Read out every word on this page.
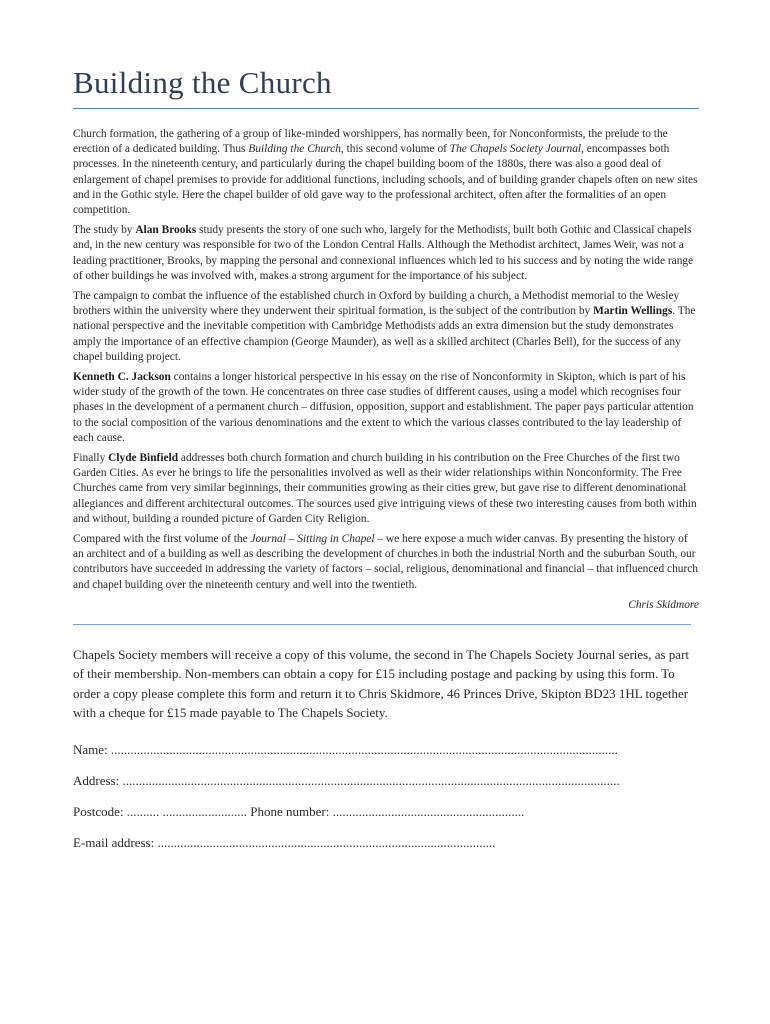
Building the Church

Church formation, the gathering of a group of like-minded worshippers, has normally been, for Nonconformists, the prelude to the erection of a dedicated building. Thus Building the Church, this second volume of The Chapels Society Journal, encompasses both processes. In the nineteenth century, and particularly during the chapel building boom of the 1880s, there was also a good deal of enlargement of chapel premises to provide for additional functions, including schools, and of building grander chapels often on new sites and in the Gothic style. Here the chapel builder of old gave way to the professional architect, often after the formalities of an open competition.

The study by Alan Brooks study presents the story of one such who, largely for the Methodists, built both Gothic and Classical chapels and, in the new century was responsible for two of the London Central Halls. Although the Methodist architect, James Weir, was not a leading practitioner, Brooks, by mapping the personal and connexional influences which led to his success and by noting the wide range of other buildings he was involved with, makes a strong argument for the importance of his subject.

The campaign to combat the influence of the established church in Oxford by building a church, a Methodist memorial to the Wesley brothers within the university where they underwent their spiritual formation, is the subject of the contribution by Martin Wellings. The national perspective and the inevitable competition with Cambridge Methodists adds an extra dimension but the study demonstrates amply the importance of an effective champion (George Maunder), as well as a skilled architect (Charles Bell), for the success of any chapel building project.

Kenneth C. Jackson contains a longer historical perspective in his essay on the rise of Nonconformity in Skipton, which is part of his wider study of the growth of the town. He concentrates on three case studies of different causes, using a model which recognises four phases in the development of a permanent church – diffusion, opposition, support and establishment. The paper pays particular attention to the social composition of the various denominations and the extent to which the various classes contributed to the lay leadership of each cause.

Finally Clyde Binfield addresses both church formation and church building in his contribution on the Free Churches of the first two Garden Cities. As ever he brings to life the personalities involved as well as their wider relationships within Nonconformity. The Free Churches came from very similar beginnings, their communities growing as their cities grew, but gave rise to different denominational allegiances and different architectural outcomes. The sources used give intriguing views of these two interesting causes from both within and without, building a rounded picture of Garden City Religion.

Compared with the first volume of the Journal – Sitting in Chapel – we here expose a much wider canvas. By presenting the history of an architect and of a building as well as describing the development of churches in both the industrial North and the suburban South, our contributors have succeeded in addressing the variety of factors – social, religious, denominational and financial – that influenced church and chapel building over the nineteenth century and well into the twentieth.

Chris Skidmore

Chapels Society members will receive a copy of this volume, the second in The Chapels Society Journal series, as part of their membership. Non-members can obtain a copy for £15 including postage and packing by using this form. To order a copy please complete this form and return it to Chris Skidmore, 46 Princes Drive, Skipton BD23 1HL together with a cheque for £15 made payable to The Chapels Society.

Name: ............................................................................................................................................................

Address: .........................................................................................................................................................

Postcode: .......... .......................... Phone number: ...........................................................

E-mail address: ........................................................................................................
